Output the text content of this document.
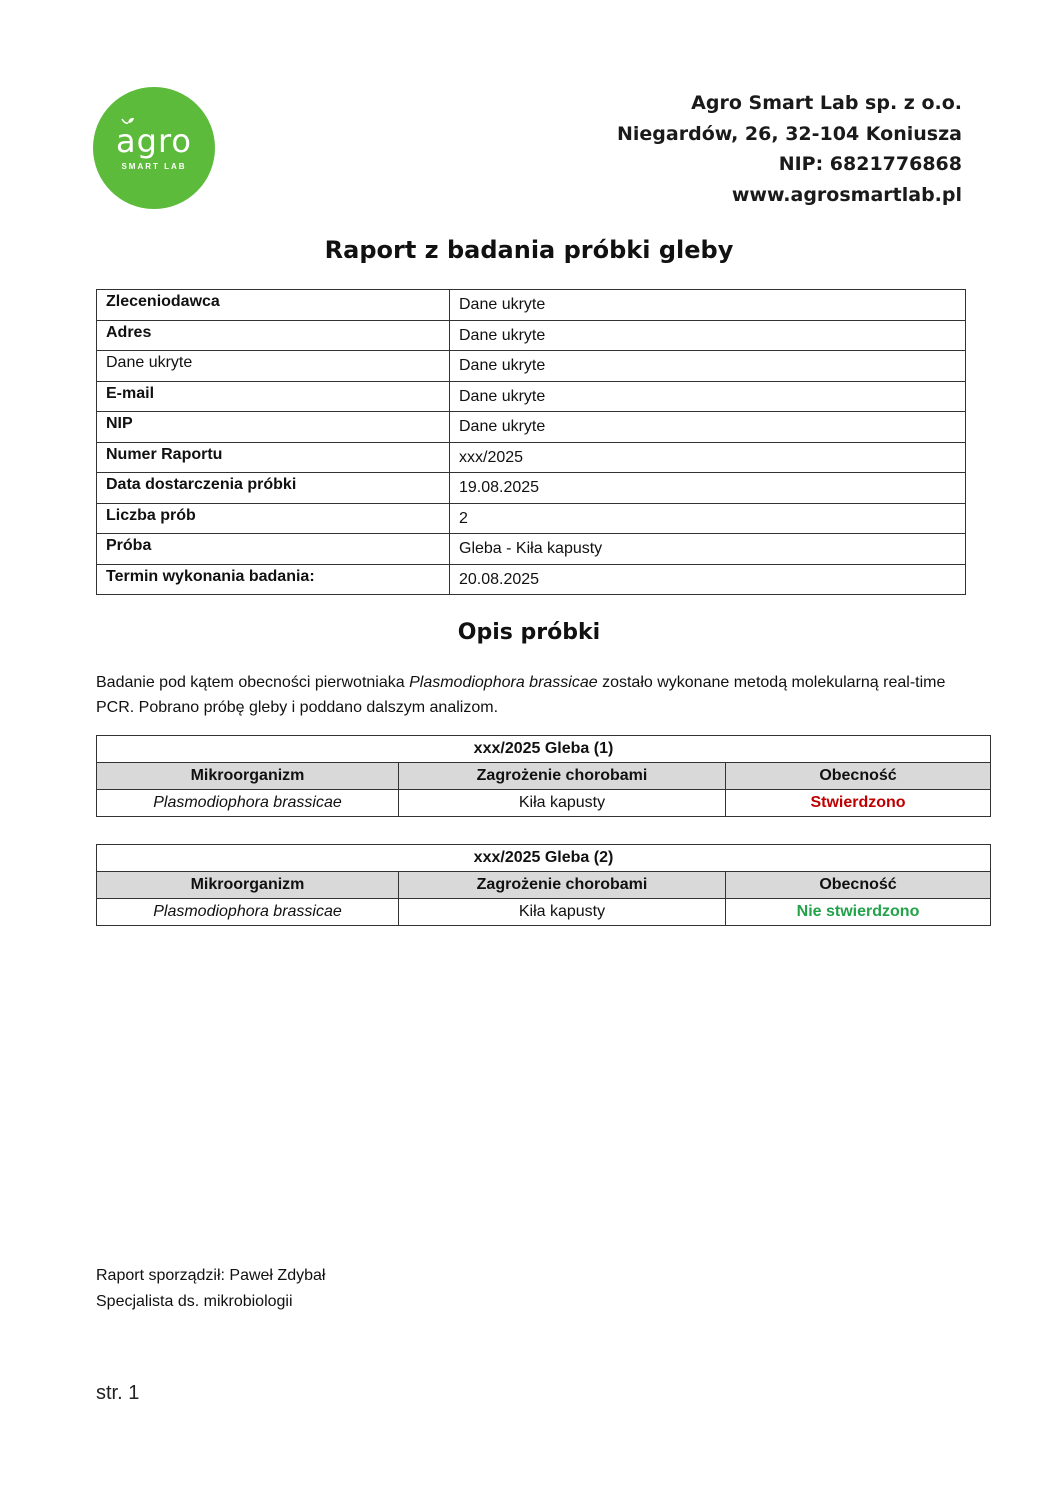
agro
SMART LAB
Agro Smart Lab sp. z o.o.
Niegardów, 26, 32-104 Koniusza
NIP: 6821776868
www.agrosmartlab.pl
Raport z badania próbki gleby
Zleceniodawca	Dane ukryte
Adres	Dane ukryte
Dane ukryte	Dane ukryte
E-mail	Dane ukryte
NIP	Dane ukryte
Numer Raportu	xxx/2025
Data dostarczenia próbki	19.08.2025
Liczba prób	2
Próba	Gleba - Kiła kapusty
Termin wykonania badania:	20.08.2025
Opis próbki
Badanie pod kątem obecności pierwotniaka Plasmodiophora brassicae zostało wykonane metodą molekularną real-time PCR. Pobrano próbę gleby i poddano dalszym analizom.
xxx/2025 Gleba (1)		
Mikroorganizm	Zagrożenie chorobami	Obecność
Plasmodiophora brassicae	Kiła kapusty	Stwierdzono
xxx/2025 Gleba (2)		
Mikroorganizm	Zagrożenie chorobami	Obecność
Plasmodiophora brassicae	Kiła kapusty	Nie stwierdzono
Raport sporządził: Paweł Zdybał
Specjalista ds. mikrobiologii
str. 1
